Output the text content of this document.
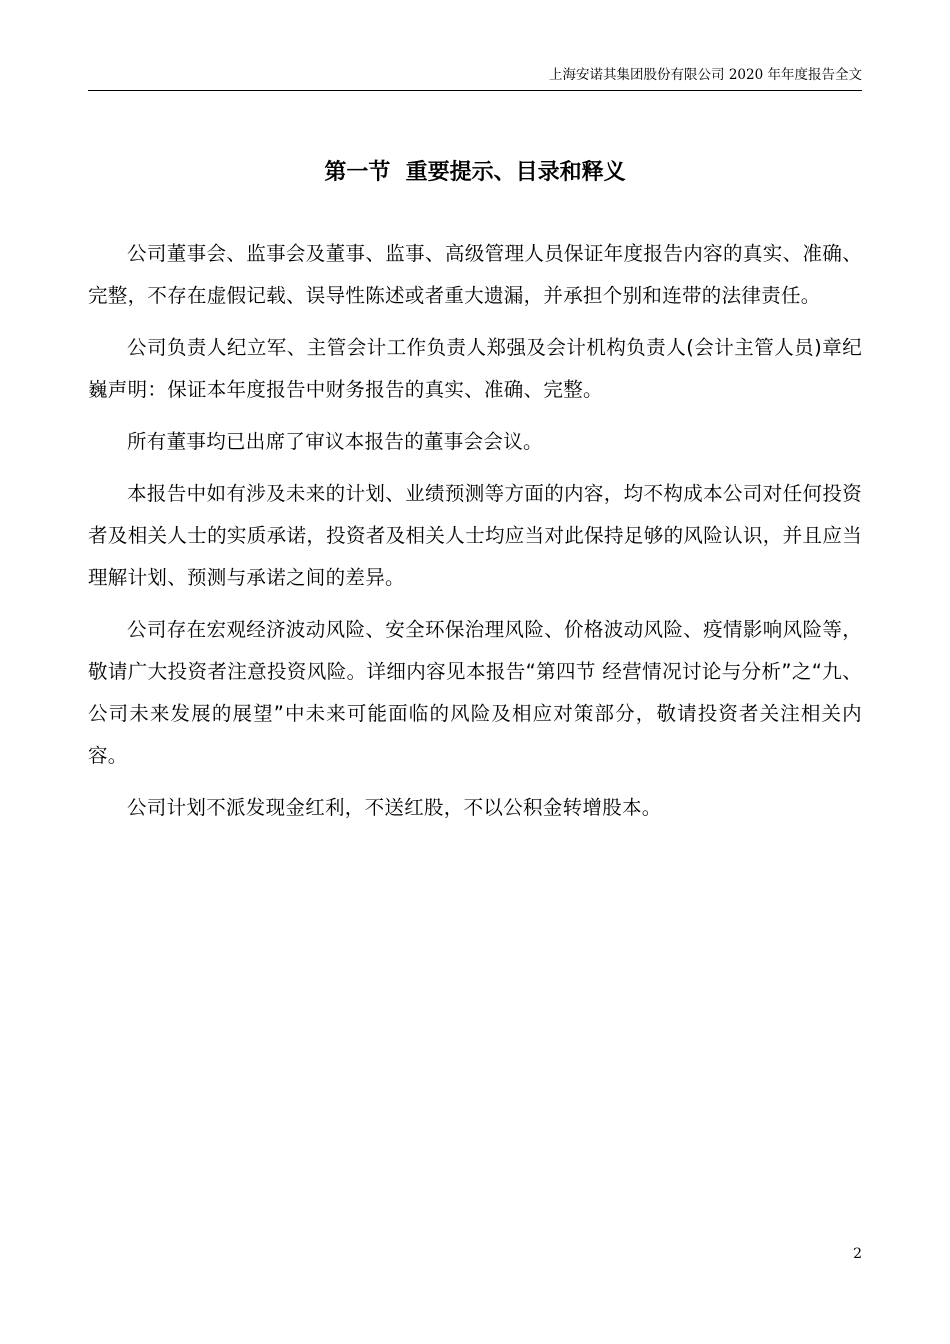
上海安诺其集团股份有限公司 2020 年年度报告全文
第一节  重要提示、目录和释义

公司董事会、监事会及董事、监事、高级管理人员保证年度报告内容的真实、准确、完整，不存在虚假记载、误导性陈述或者重大遗漏，并承担个别和连带的法律责任。

公司负责人纪立军、主管会计工作负责人郑强及会计机构负责人(会计主管人员)章纪巍声明：保证本年度报告中财务报告的真实、准确、完整。

所有董事均已出席了审议本报告的董事会会议。

本报告中如有涉及未来的计划、业绩预测等方面的内容，均不构成本公司对任何投资者及相关人士的实质承诺，投资者及相关人士均应当对此保持足够的风险认识，并且应当理解计划、预测与承诺之间的差异。

公司存在宏观经济波动风险、安全环保治理风险、价格波动风险、疫情影响风险等，敬请广大投资者注意投资风险。详细内容见本报告“第四节 经营情况讨论与分析”之“九、公司未来发展的展望”中未来可能面临的风险及相应对策部分，敬请投资者关注相关内容。

公司计划不派发现金红利，不送红股，不以公积金转增股本。

2
